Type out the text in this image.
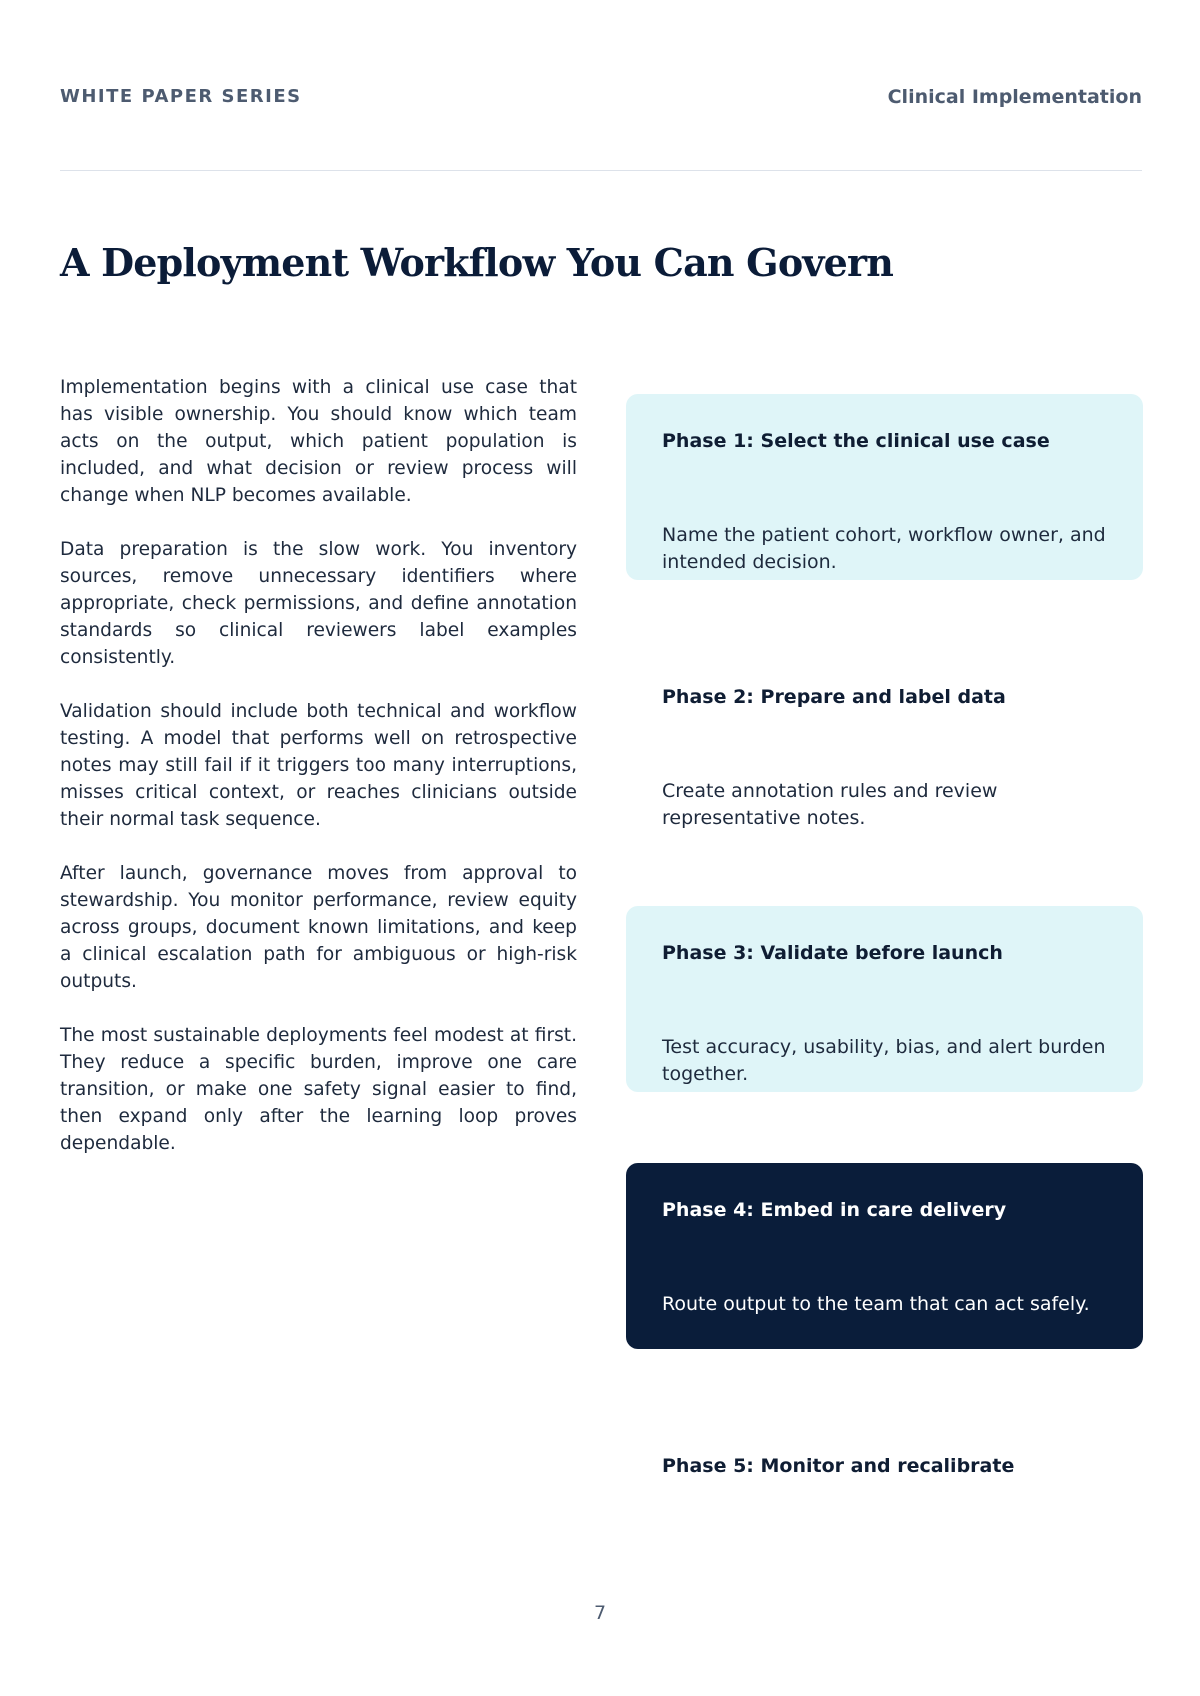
WHITE PAPER SERIES	Clinical Implementation
A Deployment Workflow You Can Govern

Implementation begins with a clinical use case that has visible ownership. You should know which team acts on the output, which patient population is included, and what decision or review process will change when NLP becomes available.

Data preparation is the slow work. You inventory sources, remove unnecessary identifiers where appropriate, check permissions, and define annotation standards so clinical reviewers label examples consistently.

Validation should include both technical and workflow testing. A model that performs well on retrospective notes may still fail if it triggers too many interruptions, misses critical context, or reaches clinicians outside their normal task sequence.

After launch, governance moves from approval to stewardship. You monitor performance, review equity across groups, document known limitations, and keep a clinical escalation path for ambiguous or high-risk outputs.

The most sustainable deployments feel modest at first. They reduce a specific burden, improve one care transition, or make one safety signal easier to find, then expand only after the learning loop proves dependable.

Phase 1: Select the clinical use case
Name the patient cohort, workflow owner, and intended decision.
Phase 2: Prepare and label data
Create annotation rules and review representative notes.
Phase 3: Validate before launch
Test accuracy, usability, bias, and alert burden together.
Phase 4: Embed in care delivery
Route output to the team that can act safely.
Phase 5: Monitor and recalibrate
7
